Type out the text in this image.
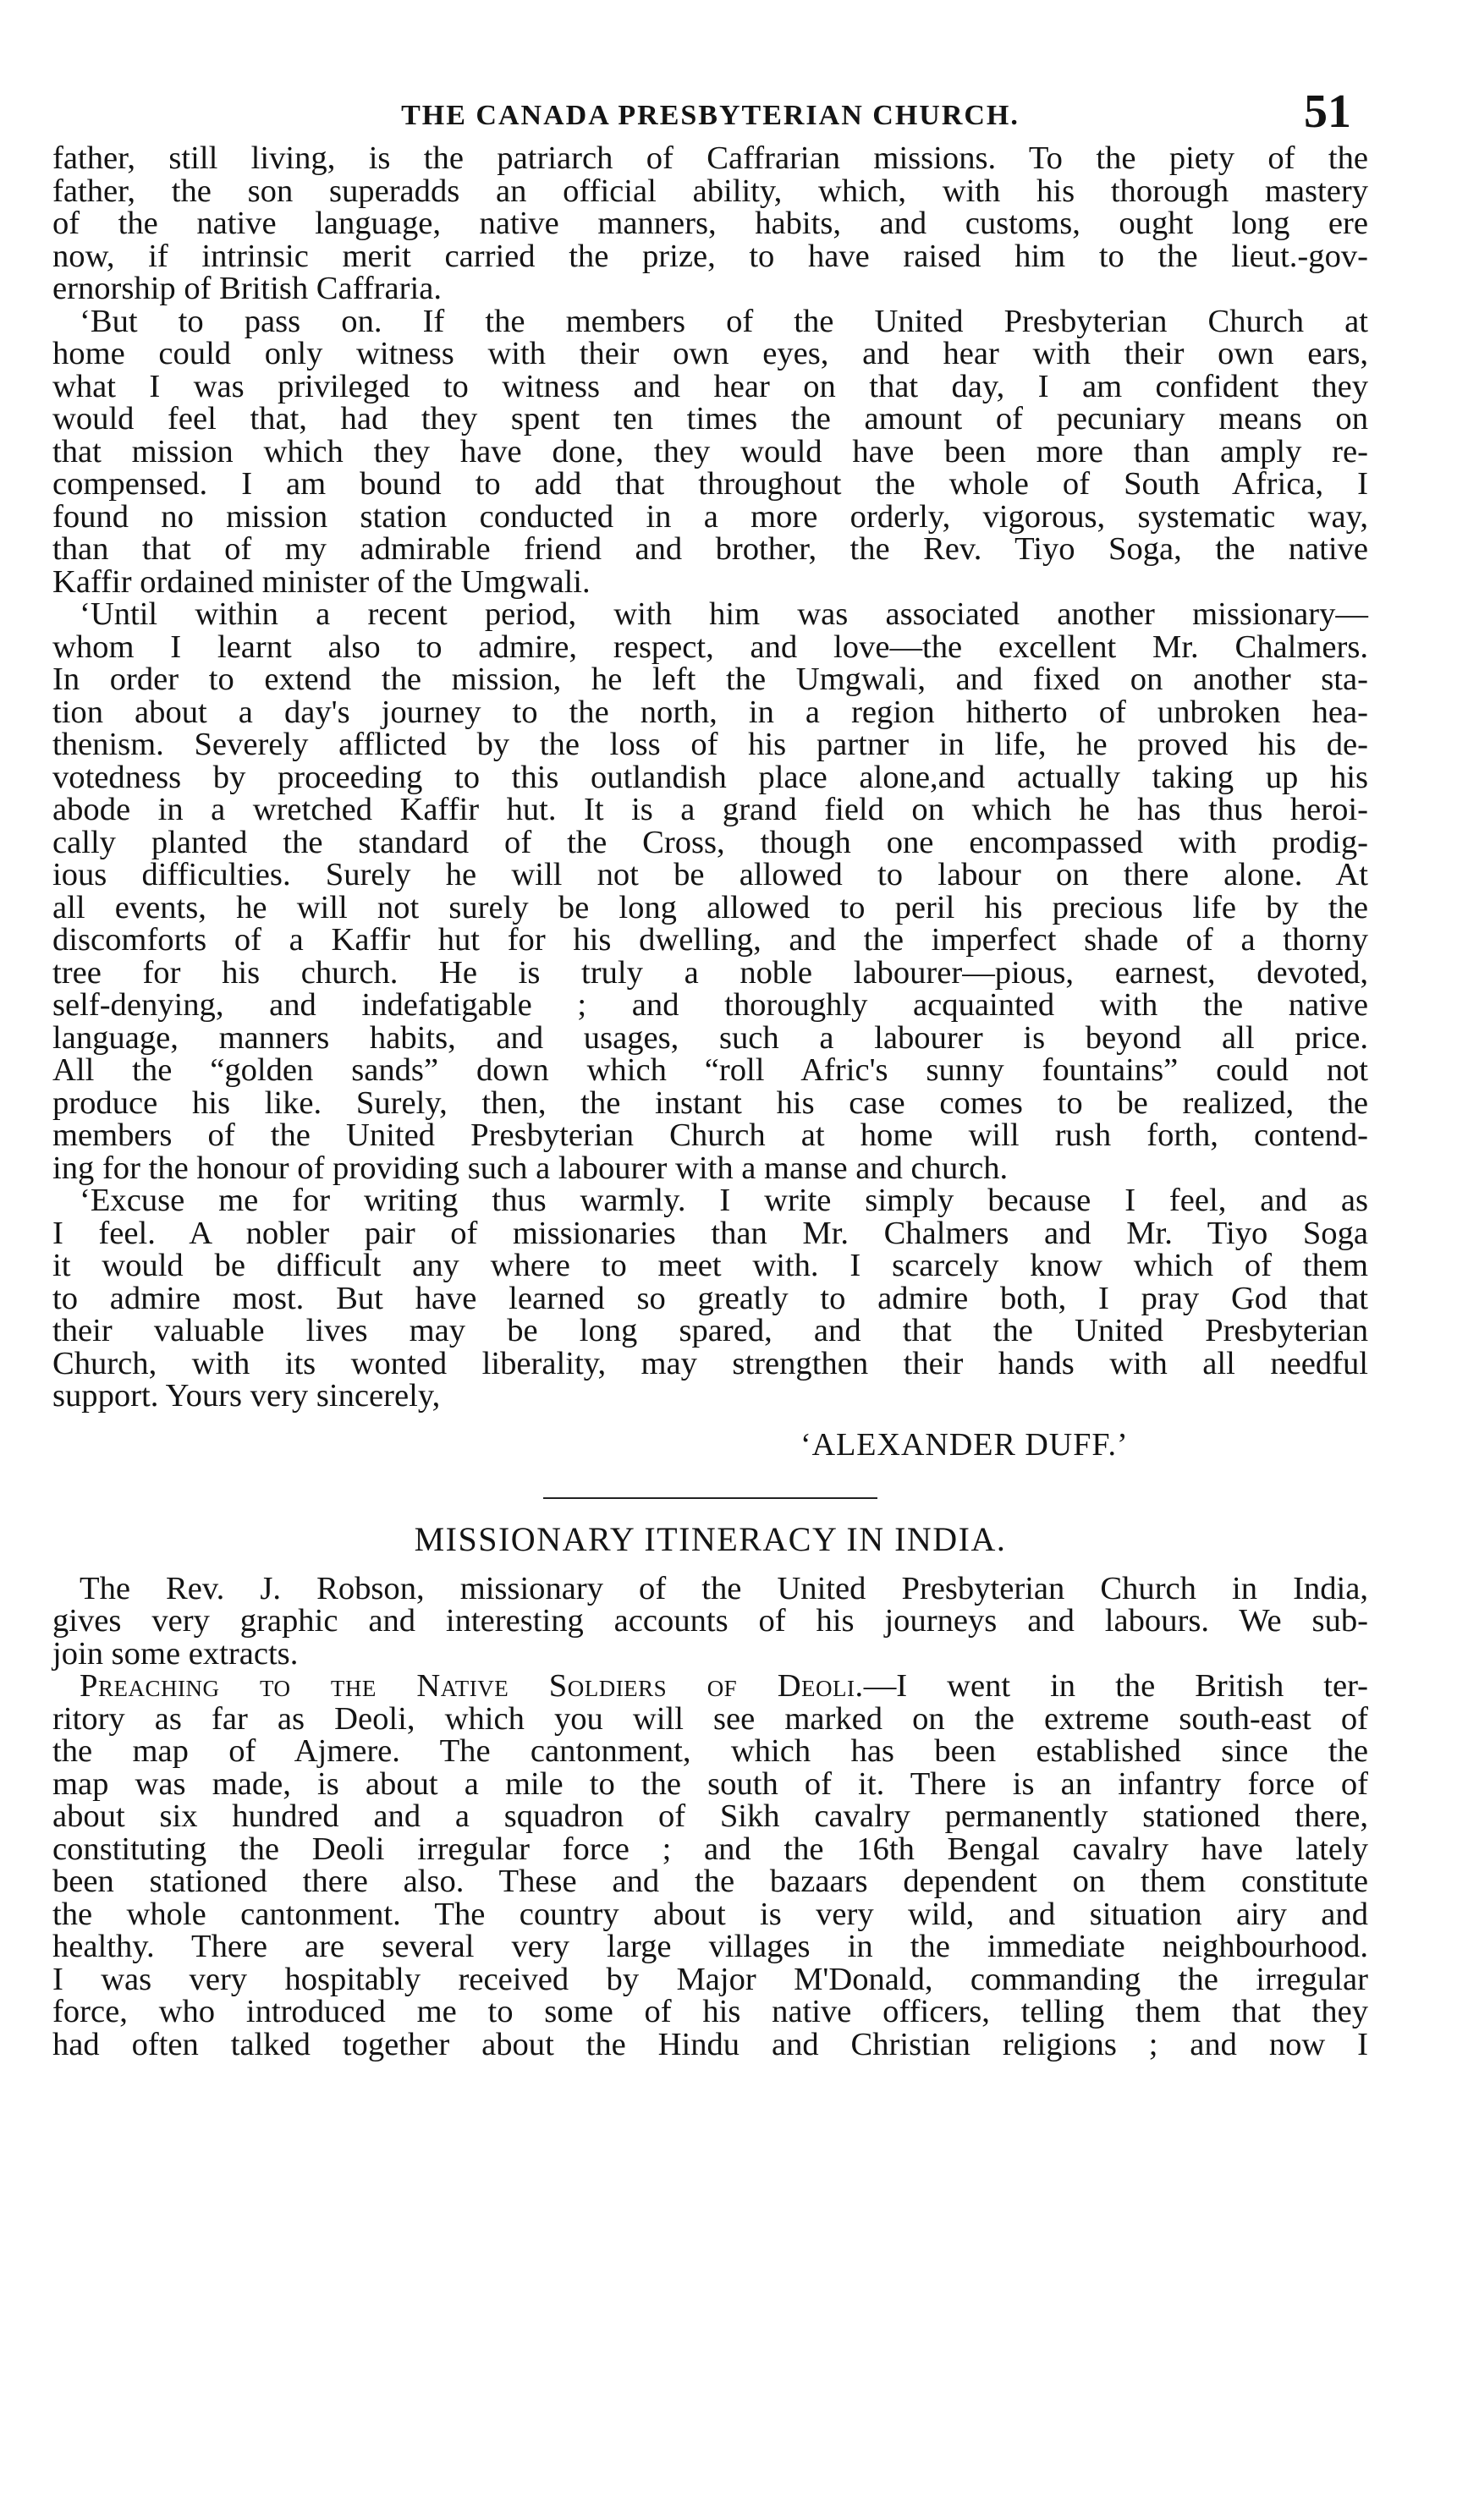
THE CANADA PRESBYTERIAN CHURCH.	51
father, still living, is the patriarch of Caffrarian missions. To the piety of the
father, the son superadds an official ability, which, with his thorough mastery
of the native language, native manners, habits, and customs, ought long ere
now, if intrinsic merit carried the prize, to have raised him to the lieut.-gov-
ernorship of British Caffraria.
‘But to pass on. If the members of the United Presbyterian Church at
home could only witness with their own eyes, and hear with their own ears,
what I was privileged to witness and hear on that day, I am confident they
would feel that, had they spent ten times the amount of pecuniary means on
that mission which they have done, they would have been more than amply re-
compensed. I am bound to add that throughout the whole of South Africa, I
found no mission station conducted in a more orderly, vigorous, systematic way,
than that of my admirable friend and brother, the Rev. Tiyo Soga, the native
Kaffir ordained minister of the Umgwali.
‘Until within a recent period, with him was associated another missionary—
whom I learnt also to admire, respect, and love—the excellent Mr. Chalmers.
In order to extend the mission, he left the Umgwali, and fixed on another sta-
tion about a day's journey to the north, in a region hitherto of unbroken hea-
thenism. Severely afflicted by the loss of his partner in life, he proved his de-
votedness by proceeding to this outlandish place alone,and actually taking up his
abode in a wretched Kaffir hut. It is a grand field on which he has thus heroi-
cally planted the standard of the Cross, though one encompassed with prodig-
ious difficulties. Surely he will not be allowed to labour on there alone. At
all events, he will not surely be long allowed to peril his precious life by the
discomforts of a Kaffir hut for his dwelling, and the imperfect shade of a thorny
tree for his church. He is truly a noble labourer—pious, earnest, devoted,
self-denying, and indefatigable ; and thoroughly acquainted with the native
language, manners habits, and usages, such a labourer is beyond all price.
All the “golden sands” down which “roll Afric's sunny fountains” could not
produce his like. Surely, then, the instant his case comes to be realized, the
members of the United Presbyterian Church at home will rush forth, contend-
ing for the honour of providing such a labourer with a manse and church.
‘Excuse me for writing thus warmly. I write simply because I feel, and as
I feel. A nobler pair of missionaries than Mr. Chalmers and Mr. Tiyo Soga
it would be difficult any where to meet with. I scarcely know which of them
to admire most. But have learned so greatly to admire both, I pray God that
their valuable lives may be long spared, and that the United Presbyterian
Church, with its wonted liberality, may strengthen their hands with all needful
support. Yours very sincerely,
‘ALEXANDER DUFF.’
MISSIONARY ITINERACY IN INDIA.
The Rev. J. Robson, missionary of the United Presbyterian Church in India,
gives very graphic and interesting accounts of his journeys and labours. We sub-
join some extracts.
Preaching to the Native Soldiers of Deoli.—I went in the British ter-
ritory as far as Deoli, which you will see marked on the extreme south-east of
the map of Ajmere. The cantonment, which has been established since the
map was made, is about a mile to the south of it. There is an infantry force of
about six hundred and a squadron of Sikh cavalry permanently stationed there,
constituting the Deoli irregular force ; and the 16th Bengal cavalry have lately
been stationed there also. These and the bazaars dependent on them constitute
the whole cantonment. The country about is very wild, and situation airy and
healthy. There are several very large villages in the immediate neighbourhood.
I was very hospitably received by Major M'Donald, commanding the irregular
force, who introduced me to some of his native officers, telling them that they
had often talked together about the Hindu and Christian religions ; and now I
